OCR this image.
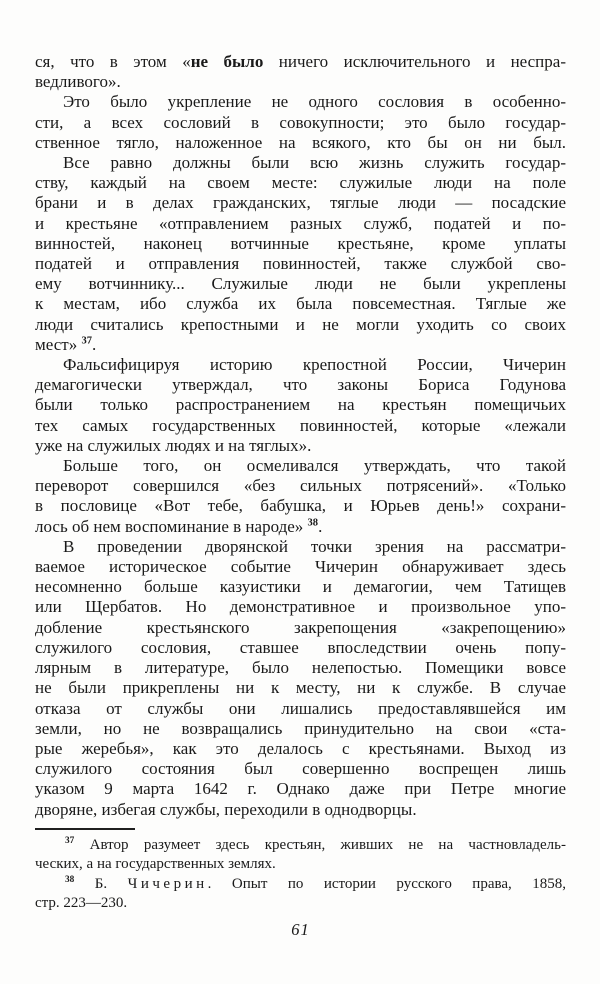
ся, что в этом «не было ничего исключительного и неспра-
ведливого».
Это было укрепление не одного сословия в особенно-
сти, а всех сословий в совокупности; это было государ-
ственное тягло, наложенное на всякого, кто бы он ни был.
Все равно должны были всю жизнь служить государ-
ству, каждый на своем месте: служилые люди на поле
брани и в делах гражданских, тяглые люди — посадские
и крестьяне «отправлением разных служб, податей и по-
винностей, наконец вотчинные крестьяне, кроме уплаты
податей и отправления повинностей, также службой сво-
ему вотчиннику... Служилые люди не были укреплены
к местам, ибо служба их была повсеместная. Тяглые же
люди считались крепостными и не могли уходить со своих
мест» $^{37}$.
Фальсифицируя историю крепостной России, Чичерин
демагогически утверждал, что законы Бориса Годунова
были только распространением на крестьян помещичьих
тех самых государственных повинностей, которые «лежали
уже на служилых людях и на тяглых».
Больше того, он осмеливался утверждать, что такой
переворот совершился «без сильных потрясений». «Только
в пословице «Вот тебе, бабушка, и Юрьев день!» сохрани-
лось об нем воспоминание в народе» $^{38}$.
В проведении дворянской точки зрения на рассматри-
ваемое историческое событие Чичерин обнаруживает здесь
несомненно больше казуистики и демагогии, чем Татищев
или Щербатов. Но демонстративное и произвольное упо-
добление крестьянского закрепощения «закрепощению»
служилого сословия, ставшее впоследствии очень попу-
лярным в литературе, было нелепостью. Помещики вовсе
не были прикреплены ни к месту, ни к службе. В случае
отказа от службы они лишались предоставлявшейся им
земли, но не возвращались принудительно на свои «ста-
рые жеребья», как это делалось с крестьянами. Выход из
служилого состояния был совершенно воспрещен лишь
указом 9 марта 1642 г. Однако даже при Петре многие
дворяне, избегая службы, переходили в однодворцы.
$^{37}$ Автор разумеет здесь крестьян, живших не на частновладель-
ческих, а на государственных землях.
$^{38}$ Б. Чичерин. Опыт по истории русского права, 1858,
стр. 223—230.
61
